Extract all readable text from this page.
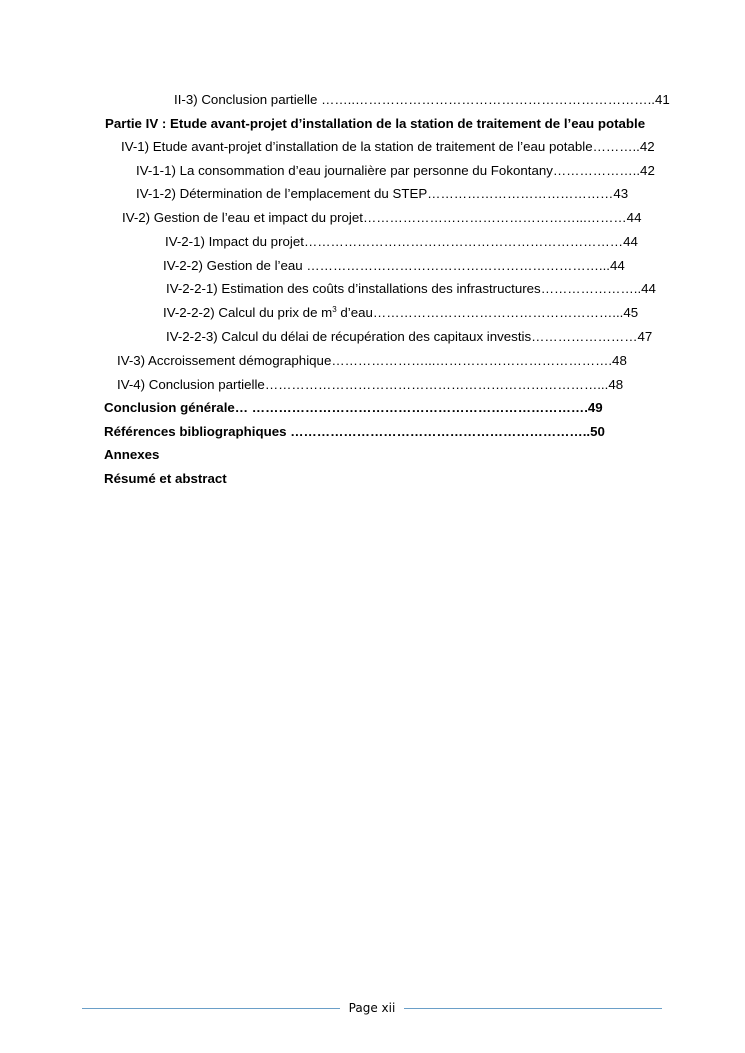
II-3) Conclusion partielle ……..…………………………………………………………..41
Partie IV : Etude avant-projet d’installation de la station de traitement de l’eau potable
IV-1) Etude avant-projet d’installation de la station de traitement de l’eau potable………..42
IV-1-1) La consommation d’eau journalière par personne du Fokontany………………..42
IV-1-2) Détermination de l’emplacement du STEP……………………………………43
IV-2) Gestion de l’eau et impact du projet…………………………………………...………44
IV-2-1) Impact du projet………………………………………………………………44
IV-2-2) Gestion de l’eau …………………………………………………………...44
IV-2-2-1) Estimation des coûts d’installations des infrastructures…………………..44
IV-2-2-2) Calcul du prix de $m^3$ d’eau………………………………………………...45
IV-2-2-3) Calcul du délai de récupération des capitaux investis……………………47
IV-3) Accroissement démographique…………………...………………………………….48
IV-4) Conclusion partielle…………………………………………………………………...48
Conclusion générale… ………………………………………………………………….49
Références bibliographiques …………………………………………………………..50
Annexes
Résumé et abstract
Page xii
